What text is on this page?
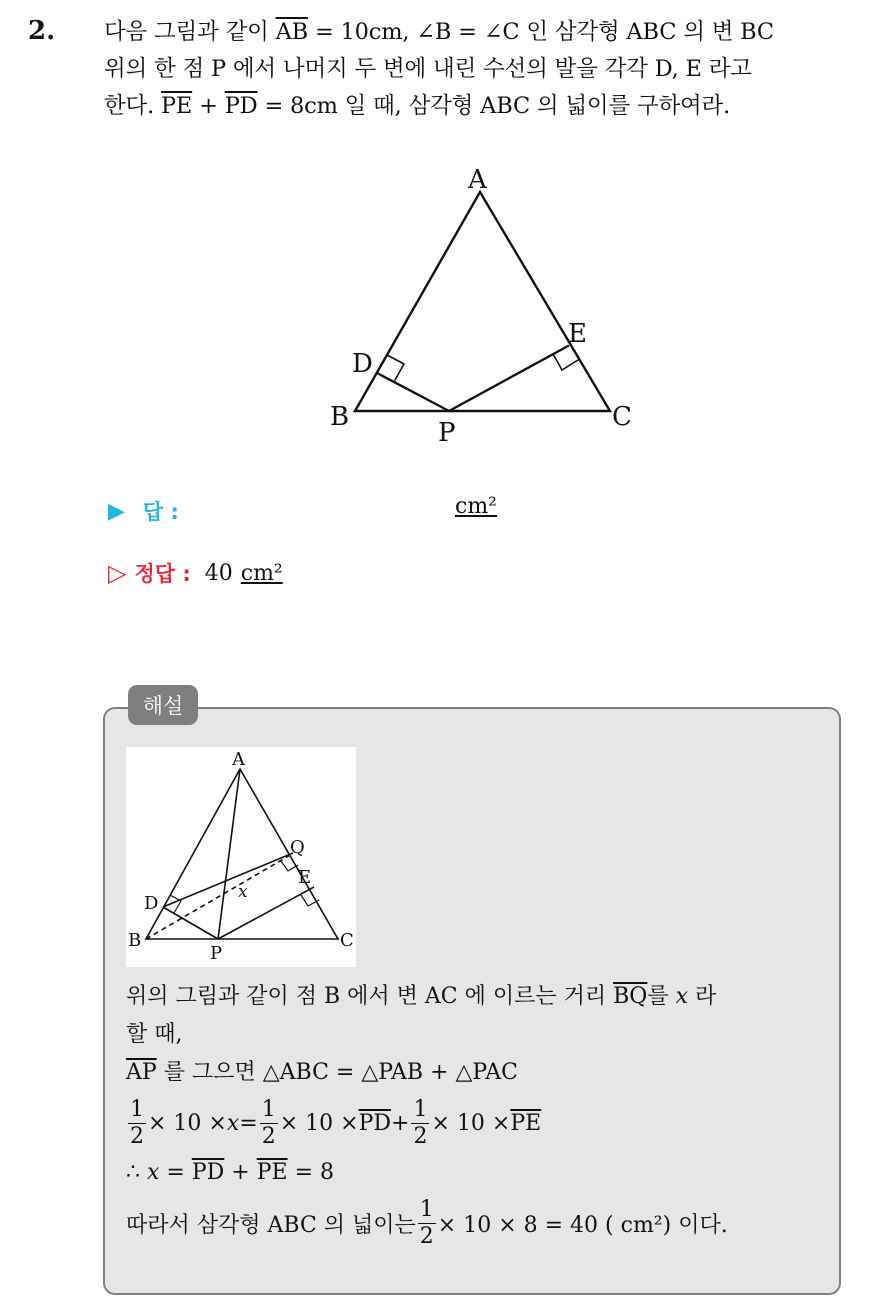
2. 다음 그림과 같이 $\overline{AB} = 10cm$, ∠B = ∠C 인 삼각형 ABC 의 변 BC
위의 한 점 P 에서 나머지 두 변에 내린 수선의 발을 각각 D, E 라고
한다. $\overline{PE} + \overline{PD} = 8cm$ 일 때, 삼각형 ABC 의 넓이를 구하여라.
A
B	C
D
E
P
▶ 답 :	cm²
▷ 정답 : 40 cm²
해설
A
B	C
D
E
P
Q
x
위의 그림과 같이 점 B 에서 변 AC 에 이르는 거리 $\overline{BQ}$를 x 라
할 때,
$\overline{AP}$ 를 그으면 △ABC = △PAB + △PAC
$\frac{1}{2} \times 10 \times x = \frac{1}{2} \times 10 \times \overline{PD} + \frac{1}{2} \times 10 \times \overline{PE}$
∴ $x = \overline{PD} + \overline{PE} = 8$
따라서 삼각형 ABC 의 넓이는 $\frac{1}{2} \times 10 \times 8 = 40$ ( cm²) 이다.
